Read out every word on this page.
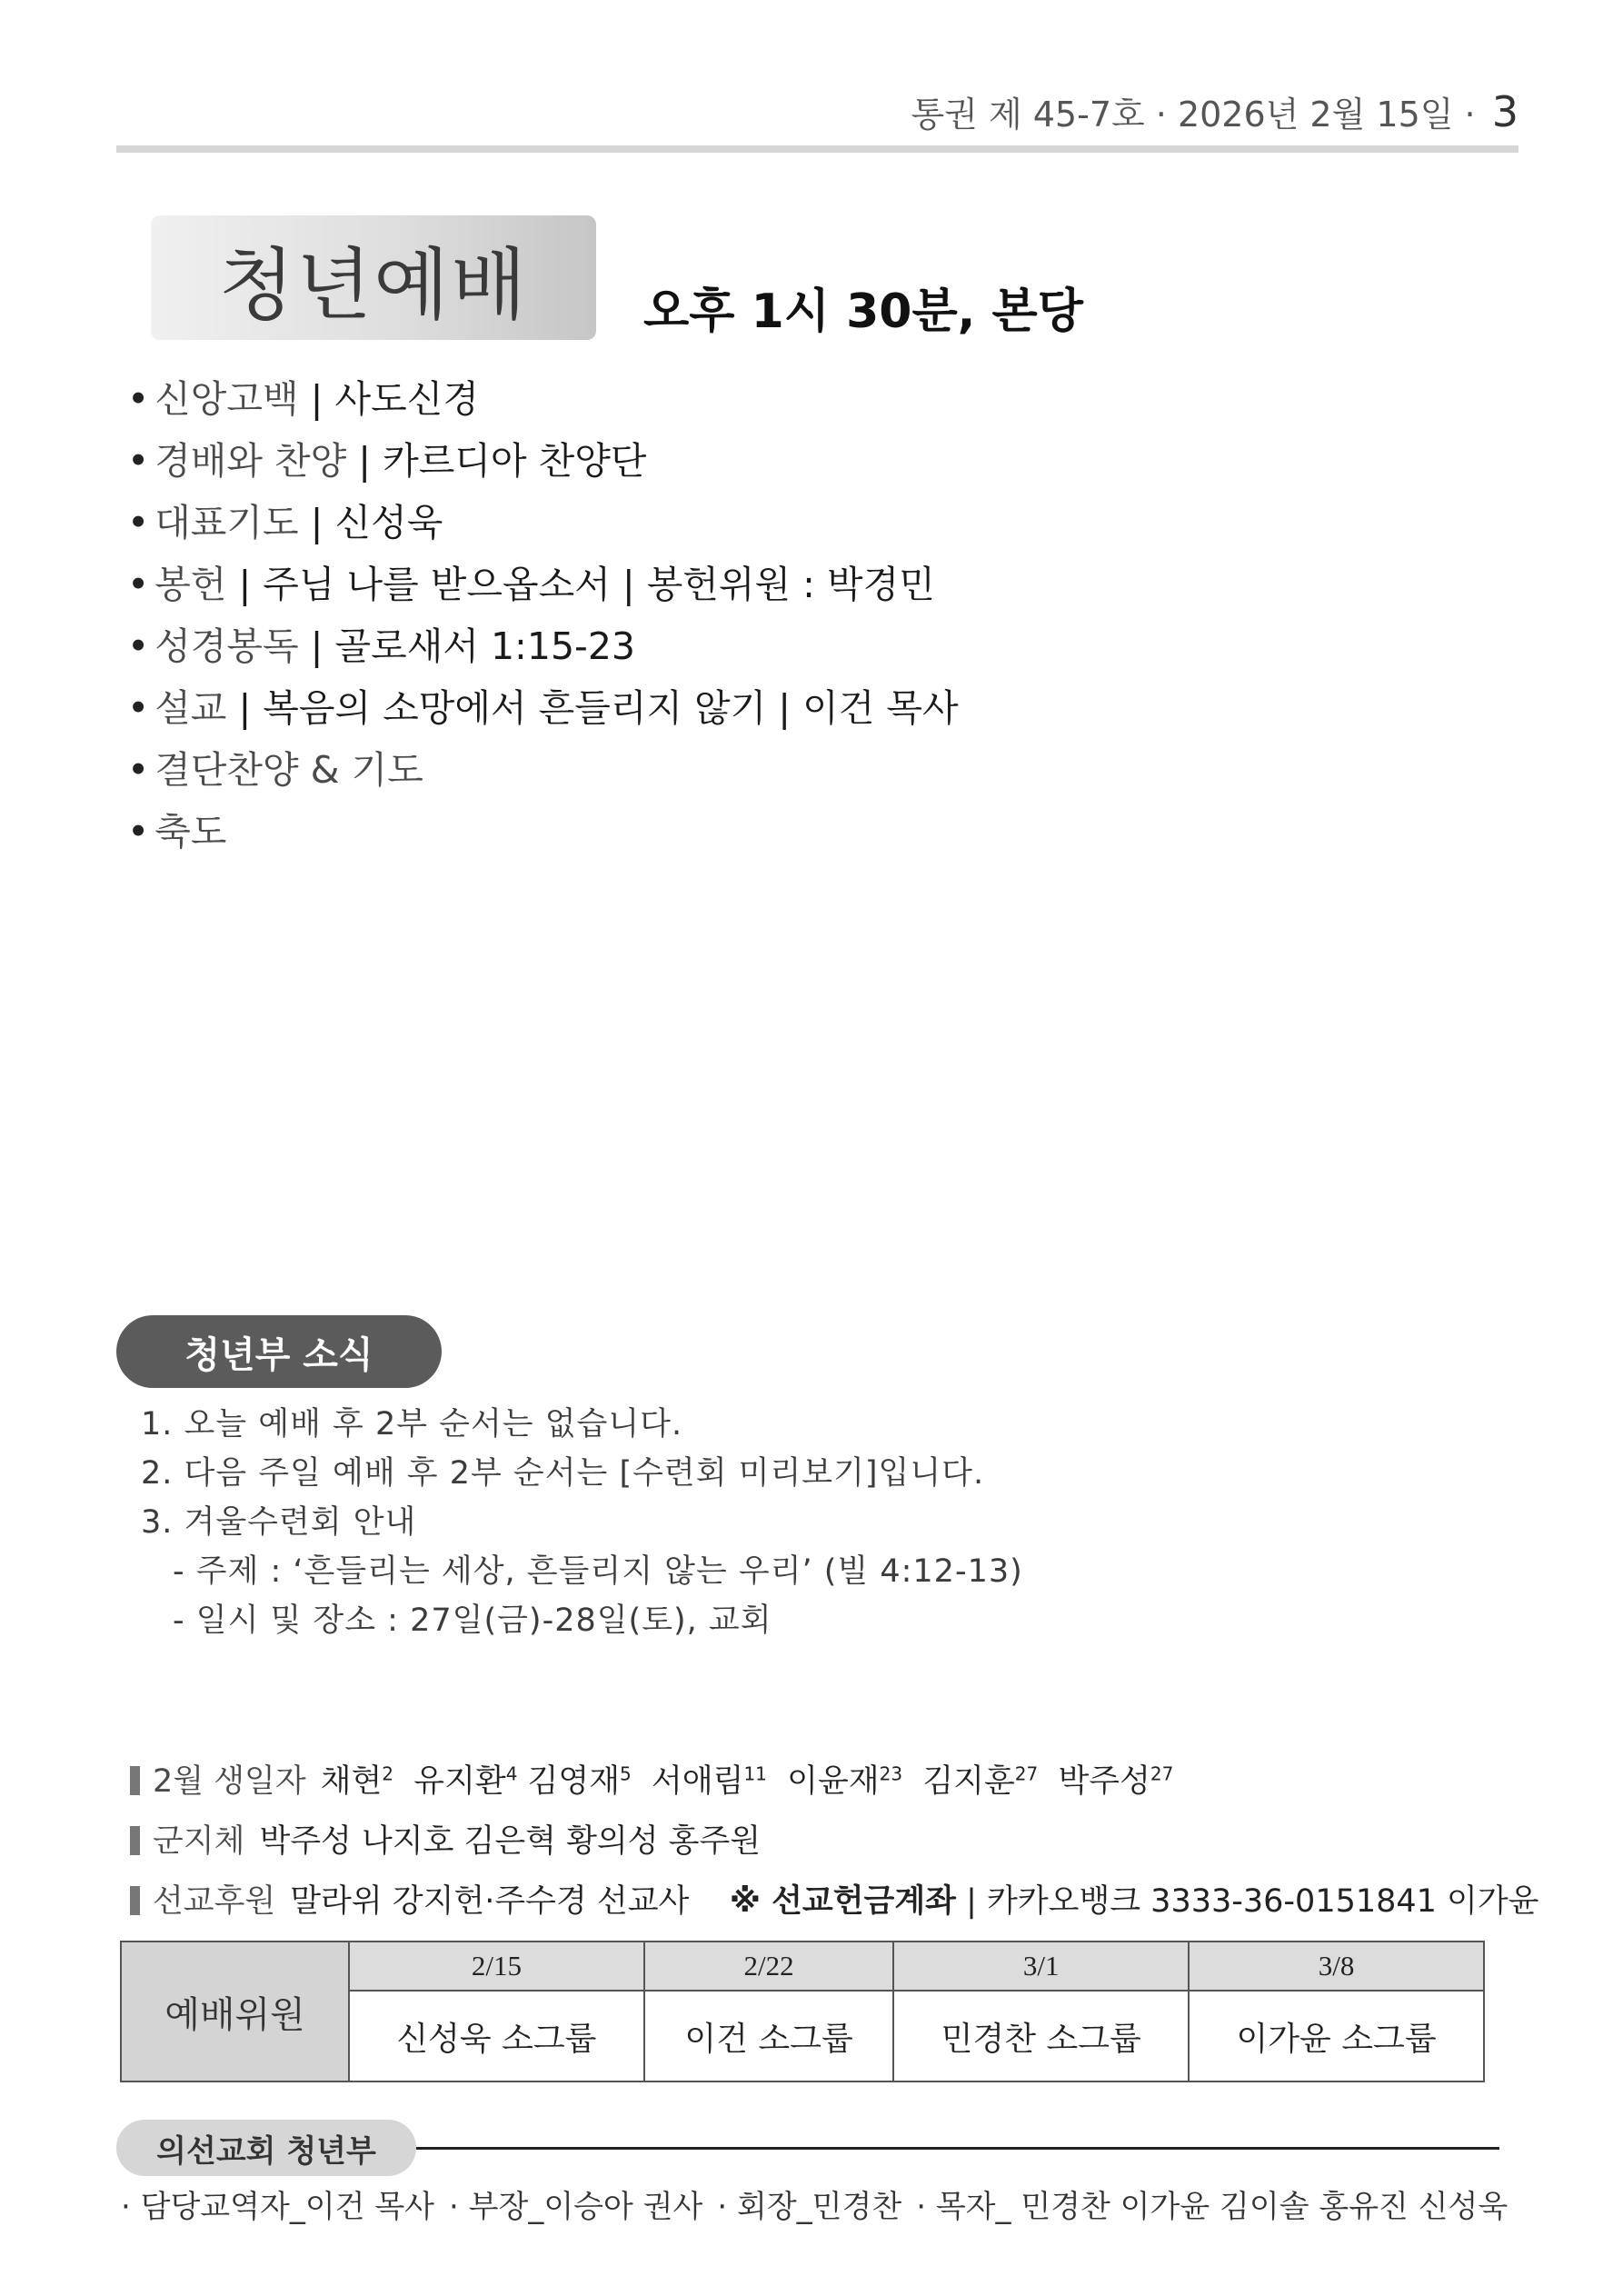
통권 제 45-7호 · 2026년 2월 15일 · 3
청년예배 오후 1시 30분, 본당
• 신앙고백 | 사도신경
• 경배와 찬양 | 카르디아 찬양단
• 대표기도 | 신성욱
• 봉헌 | 주님 나를 받으옵소서 | 봉헌위원 : 박경민
• 성경봉독 | 골로새서 1:15-23
• 설교 | 복음의 소망에서 흔들리지 않기 | 이건 목사
• 결단찬양 & 기도
• 축도
청년부 소식
1. 오늘 예배 후 2부 순서는 없습니다.
2. 다음 주일 예배 후 2부 순서는 [수련회 미리보기]입니다.
3. 겨울수련회 안내
- 주제 : ‘흔들리는 세상, 흔들리지 않는 우리’ (빌 4:12-13)
- 일시 및 장소 : 27일(금)-28일(토), 교회
2월 생일자 채현$^2$ 유지환$^4$ 김영재$^5$ 서애림$^{11}$ 이윤재$^{23}$ 김지훈$^{27}$ 박주성$^{27}$
군지체 박주성 나지호 김은혁 황의성 홍주원
선교후원 말라위 강지헌·주수경 선교사 ※ 선교헌금계좌 | 카카오뱅크 3333-36-0151841 이가윤
예배위원	2/15	2/22	3/1	3/8
	신성욱 소그룹	이건 소그룹	민경찬 소그룹	이가윤 소그룹
의선교회 청년부
· 담당교역자_이건 목사 · 부장_이승아 권사 · 회장_민경찬 · 목자_ 민경찬 이가윤 김이솔 홍유진 신성욱
